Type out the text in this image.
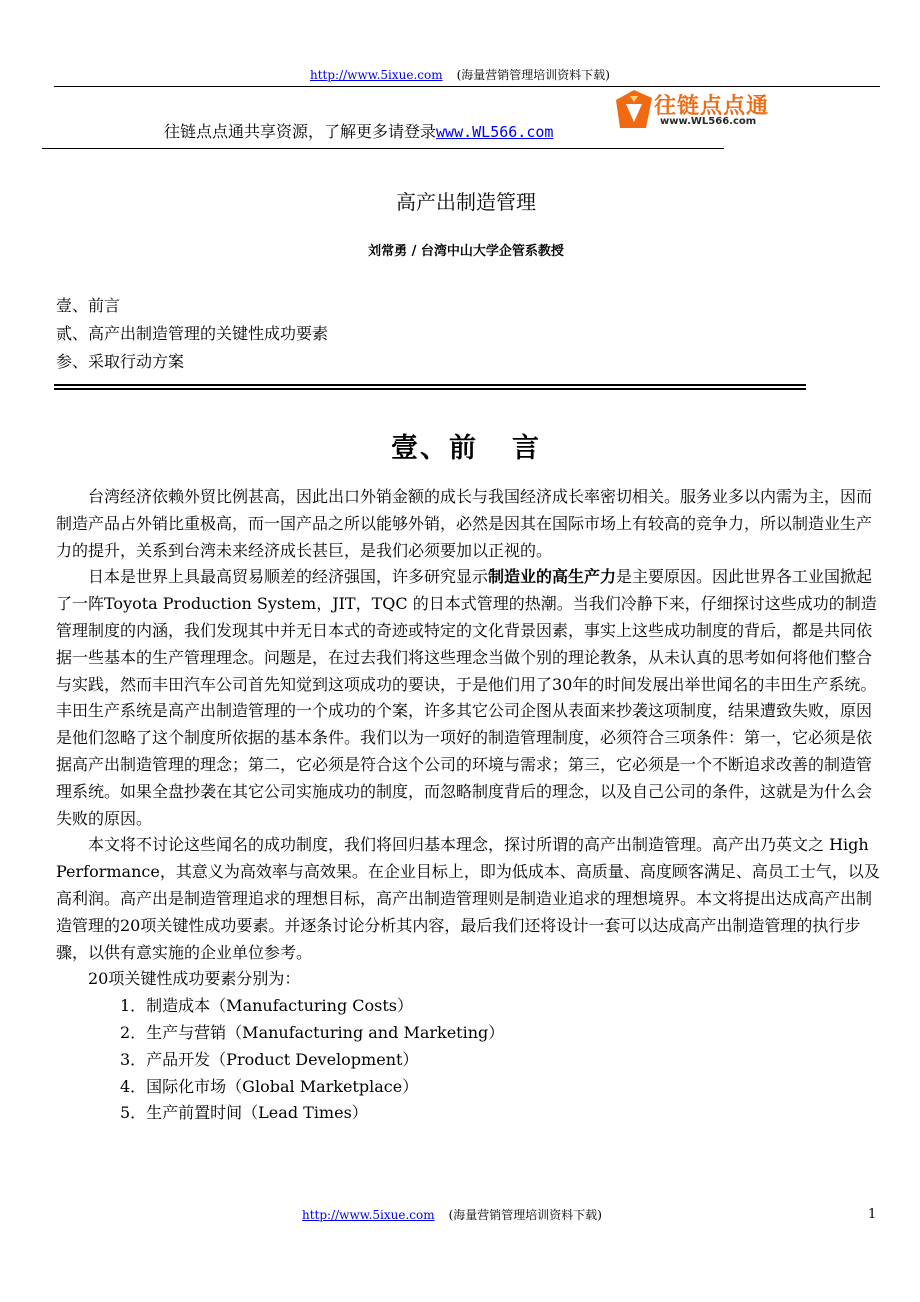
http://www.5ixue.com (海量营销管理培训资料下载)
往链点点通共享资源，了解更多请登录www.WL566.com
往链点点通
www.WL566.com
高产出制造管理
刘常勇 / 台湾中山大学企管系教授
壹、前言
贰、高产出制造管理的关键性成功要素
参、采取行动方案
壹、前 言

台湾经济依赖外贸比例甚高，因此出口外销金额的成长与我国经济成长率密切相关。服务业多以内需为主，因而制造产品占外销比重极高，而一国产品之所以能够外销，必然是因其在国际市场上有较高的竞争力，所以制造业生产力的提升，关系到台湾未来经济成长甚巨，是我们必须要加以正视的。

日本是世界上具最高贸易顺差的经济强国，许多研究显示制造业的高生产力是主要原因。因此世界各工业国掀起了一阵Toyota Production System，JIT，TQC 的日本式管理的热潮。当我们冷静下来，仔细探讨这些成功的制造管理制度的内涵，我们发现其中并无日本式的奇迹或特定的文化背景因素，事实上这些成功制度的背后，都是共同依据一些基本的生产管理理念。问题是，在过去我们将这些理念当做个别的理论教条，从未认真的思考如何将他们整合与实践，然而丰田汽车公司首先知觉到这项成功的要诀，于是他们用了30年的时间发展出举世闻名的丰田生产系统。丰田生产系统是高产出制造管理的一个成功的个案，许多其它公司企图从表面来抄袭这项制度，结果遭致失败，原因是他们忽略了这个制度所依据的基本条件。我们以为一项好的制造管理制度，必须符合三项条件：第一，它必须是依据高产出制造管理的理念；第二，它必须是符合这个公司的环境与需求；第三，它必须是一个不断追求改善的制造管理系统。如果全盘抄袭在其它公司实施成功的制度，而忽略制度背后的理念，以及自己公司的条件，这就是为什么会失败的原因。

本文将不讨论这些闻名的成功制度，我们将回归基本理念，探讨所谓的高产出制造管理。高产出乃英文之 High Performance，其意义为高效率与高效果。在企业目标上，即为低成本、高质量、高度顾客满足、高员工士气，以及高利润。高产出是制造管理追求的理想目标，高产出制造管理则是制造业追求的理想境界。本文将提出达成高产出制造管理的20项关键性成功要素。并逐条讨论分析其内容，最后我们还将设计一套可以达成高产出制造管理的执行步骤，以供有意实施的企业单位参考。

20项关键性成功要素分别为：

1．制造成本（Manufacturing Costs）
2．生产与营销（Manufacturing and Marketing）
3．产品开发（Product Development）
4．国际化市场（Global Marketplace）
5．生产前置时间（Lead Times）
http://www.5ixue.com (海量营销管理培训资料下载)	1
